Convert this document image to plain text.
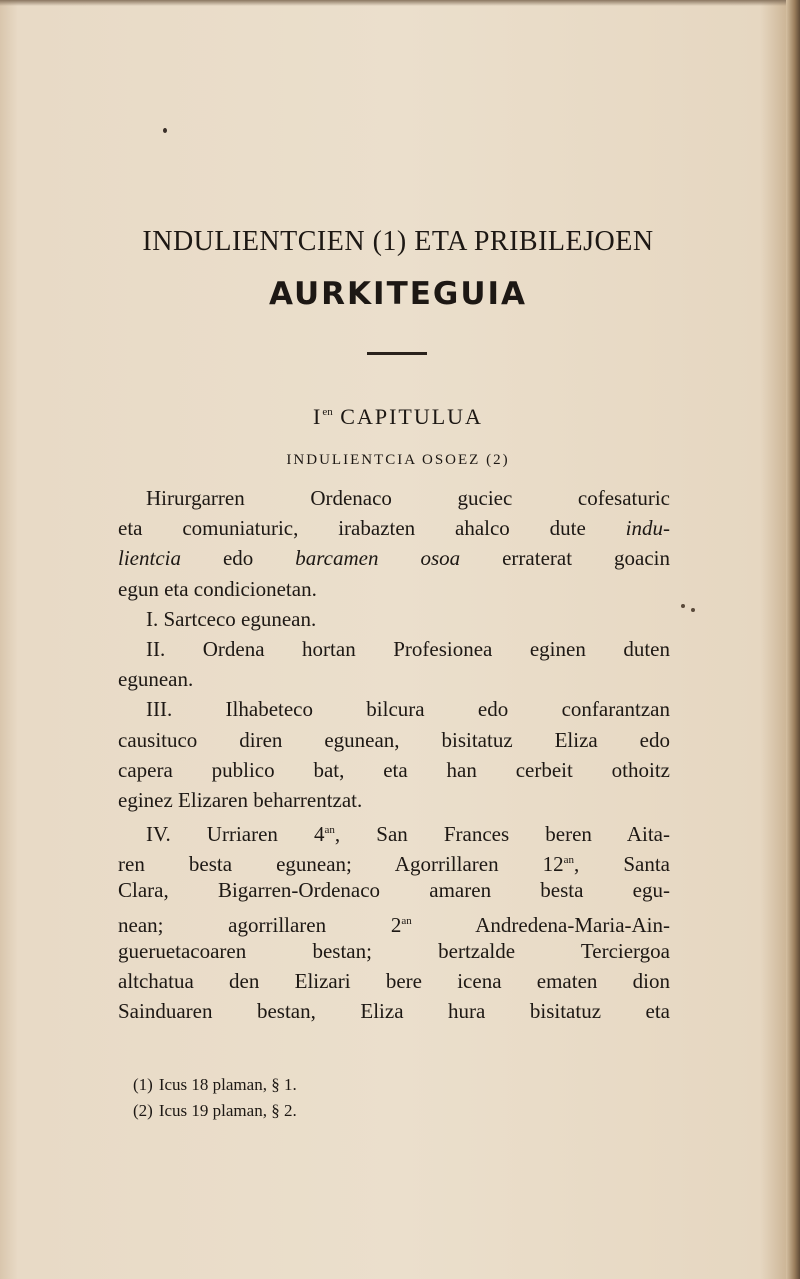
INDULIENTCIEN (1) ETA PRIBILEJOEN
AURKITEGUIA
$I^{en}$ CAPITULUA
INDULIENTCIA OSOEZ (2)
Hirurgarren Ordenaco guciec cofesaturic
eta comuniaturic, irabazten ahalco dute indu-
lientcia edo barcamen osoa erraterat goacin
egun eta condicionetan.
I. Sartceco egunean.
II. Ordena hortan Profesionea eginen duten
egunean.
III. Ilhabeteco bilcura edo confarantzan
causituco diren egunean, bisitatuz Eliza edo
capera publico bat, eta han cerbeit othoitz
eginez Elizaren beharrentzat.
IV. Urriaren $4^{an}$, San Frances beren Aita-
ren besta egunean; Agorrillaren $12^{an}$, Santa
Clara, Bigarren-Ordenaco amaren besta egu-
nean; agorrillaren $2^{an}$ Andredena-Maria-Ain-
gueruetacoaren bestan; bertzalde Terciergoa
altchatua den Elizari bere icena ematen dion
Sainduaren bestan, Eliza hura bisitatuz eta
(1) Icus 18 plaman, § 1.
(2) Icus 19 plaman, § 2.
